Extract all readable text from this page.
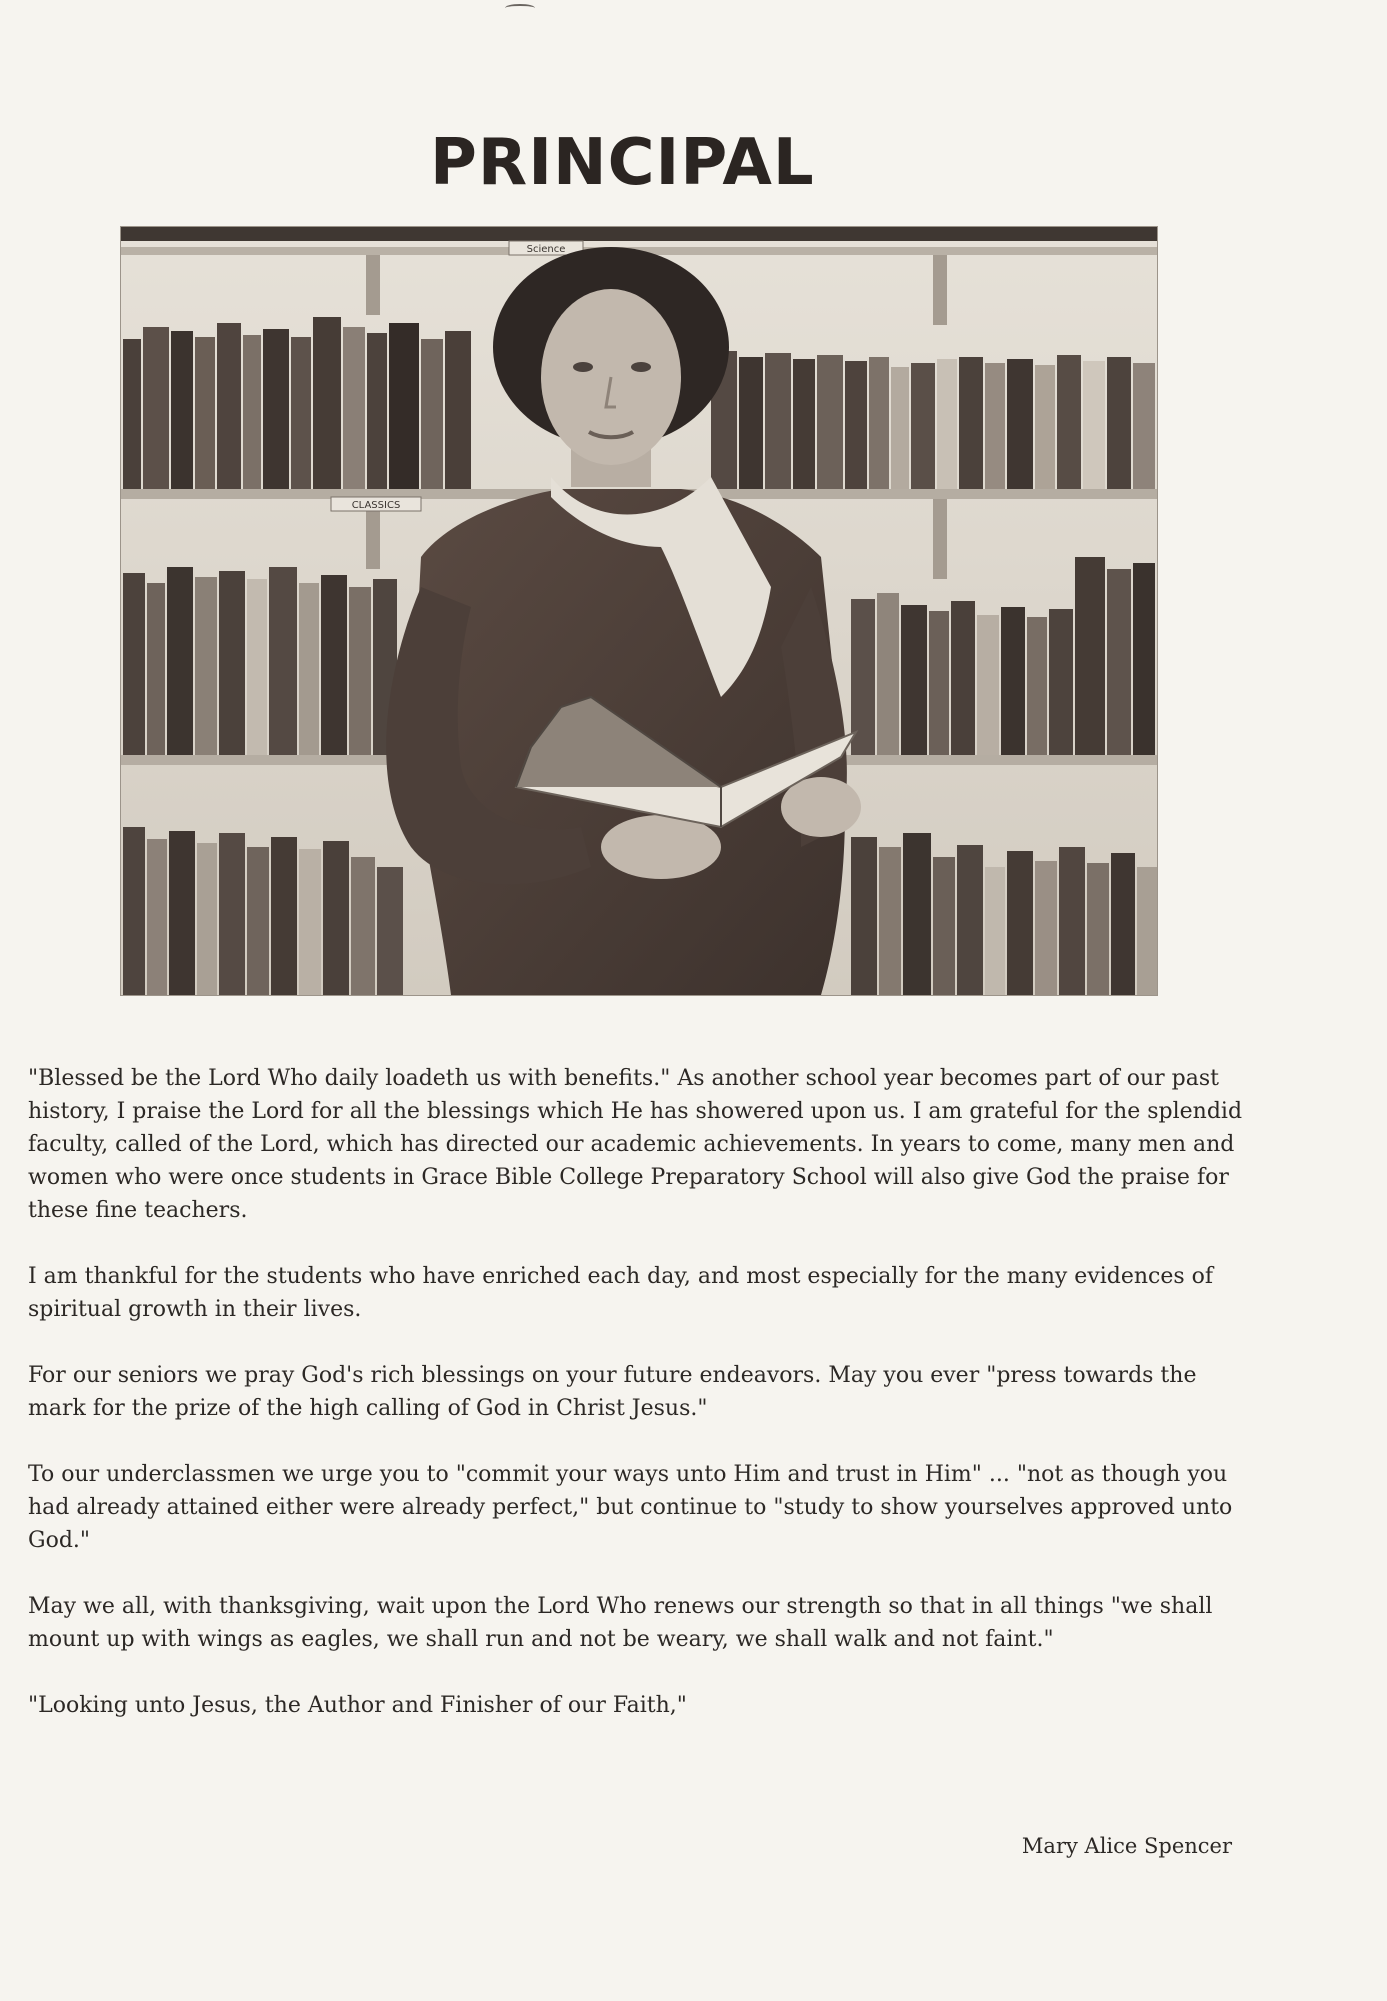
PRINCIPAL
Science
CLASSICS

"Blessed be the Lord Who daily loadeth us with benefits." As another school year becomes part of our past history, I praise the Lord for all the blessings which He has showered upon us. I am grateful for the splendid faculty, called of the Lord, which has directed our academic achievements. In years to come, many men and women who were once students in Grace Bible College Preparatory School will also give God the praise for these fine teachers.

I am thankful for the students who have enriched each day, and most especially for the many evidences of spiritual growth in their lives.

For our seniors we pray God's rich blessings on your future endeavors. May you ever "press towards the mark for the prize of the high calling of God in Christ Jesus."

To our underclassmen we urge you to "commit your ways unto Him and trust in Him" ... "not as though you had already attained either were already perfect," but continue to "study to show yourselves approved unto God."

May we all, with thanksgiving, wait upon the Lord Who renews our strength so that in all things "we shall mount up with wings as eagles, we shall run and not be weary, we shall walk and not faint."

"Looking unto Jesus, the Author and Finisher of our Faith,"

Mary Alice Spencer
